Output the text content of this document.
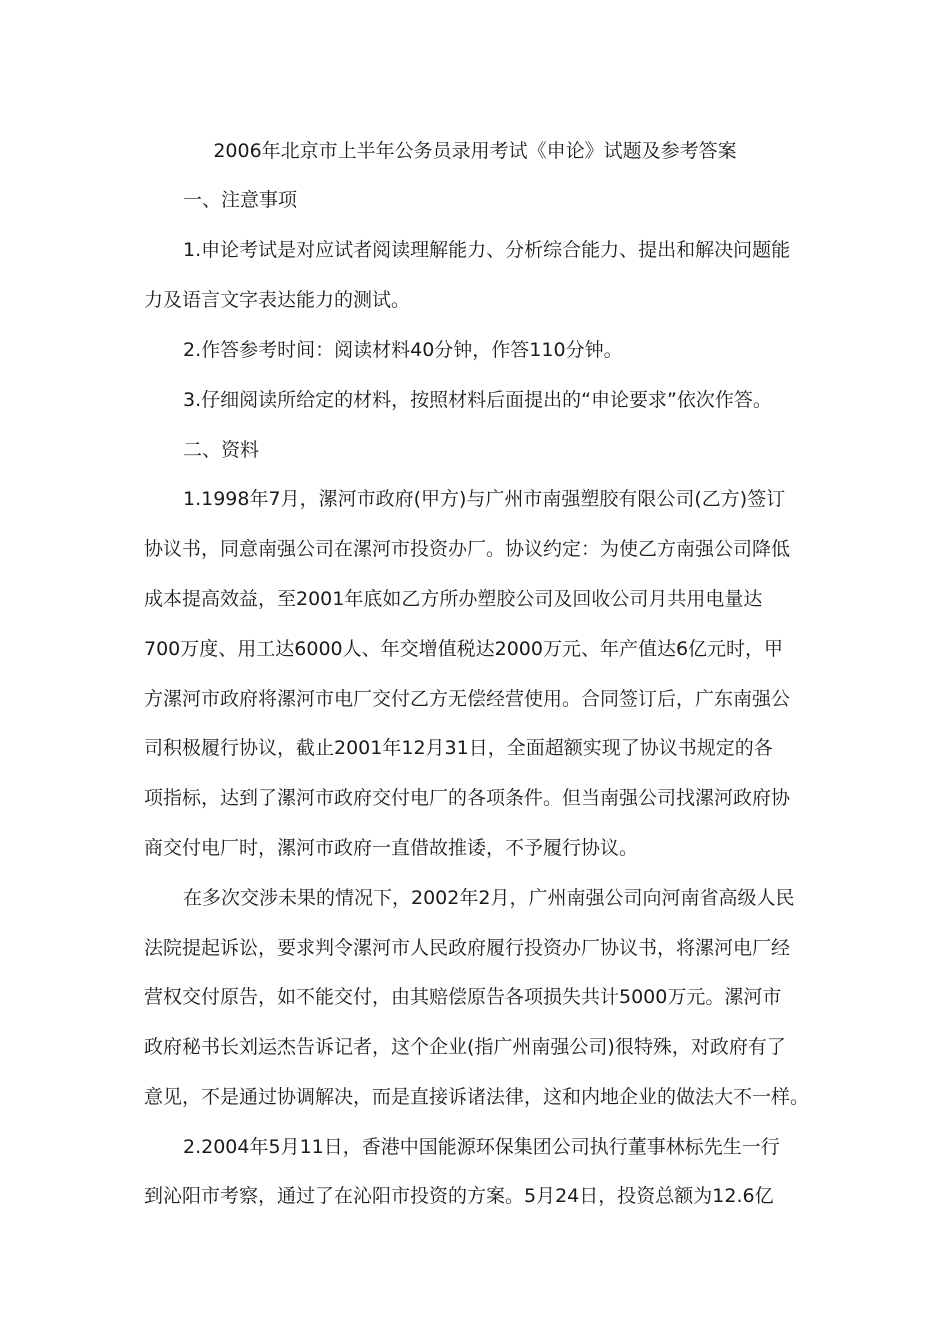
2006年北京市上半年公务员录用考试《申论》试题及参考答案
一、注意事项
1.申论考试是对应试者阅读理解能力、分析综合能力、提出和解决问题能
力及语言文字表达能力的测试。
2.作答参考时间：阅读材料40分钟，作答110分钟。
3.仔细阅读所给定的材料，按照材料后面提出的“申论要求”依次作答。
二、资料
1.1998年7月，漯河市政府(甲方)与广州市南强塑胶有限公司(乙方)签订
协议书，同意南强公司在漯河市投资办厂。协议约定：为使乙方南强公司降低
成本提高效益，至2001年底如乙方所办塑胶公司及回收公司月共用电量达
700万度、用工达6000人、年交增值税达2000万元、年产值达6亿元时，甲
方漯河市政府将漯河市电厂交付乙方无偿经营使用。合同签订后，广东南强公
司积极履行协议，截止2001年12月31日，全面超额实现了协议书规定的各
项指标，达到了漯河市政府交付电厂的各项条件。但当南强公司找漯河政府协
商交付电厂时，漯河市政府一直借故推诿，不予履行协议。
在多次交涉未果的情况下，2002年2月，广州南强公司向河南省高级人民
法院提起诉讼，要求判令漯河市人民政府履行投资办厂协议书，将漯河电厂经
营权交付原告，如不能交付，由其赔偿原告各项损失共计5000万元。漯河市
政府秘书长刘运杰告诉记者，这个企业(指广州南强公司)很特殊，对政府有了
意见，不是通过协调解决，而是直接诉诸法律，这和内地企业的做法大不一样。
2.2004年5月11日，香港中国能源环保集团公司执行董事林标先生一行
到沁阳市考察，通过了在沁阳市投资的方案。5月24日，投资总额为12.6亿
